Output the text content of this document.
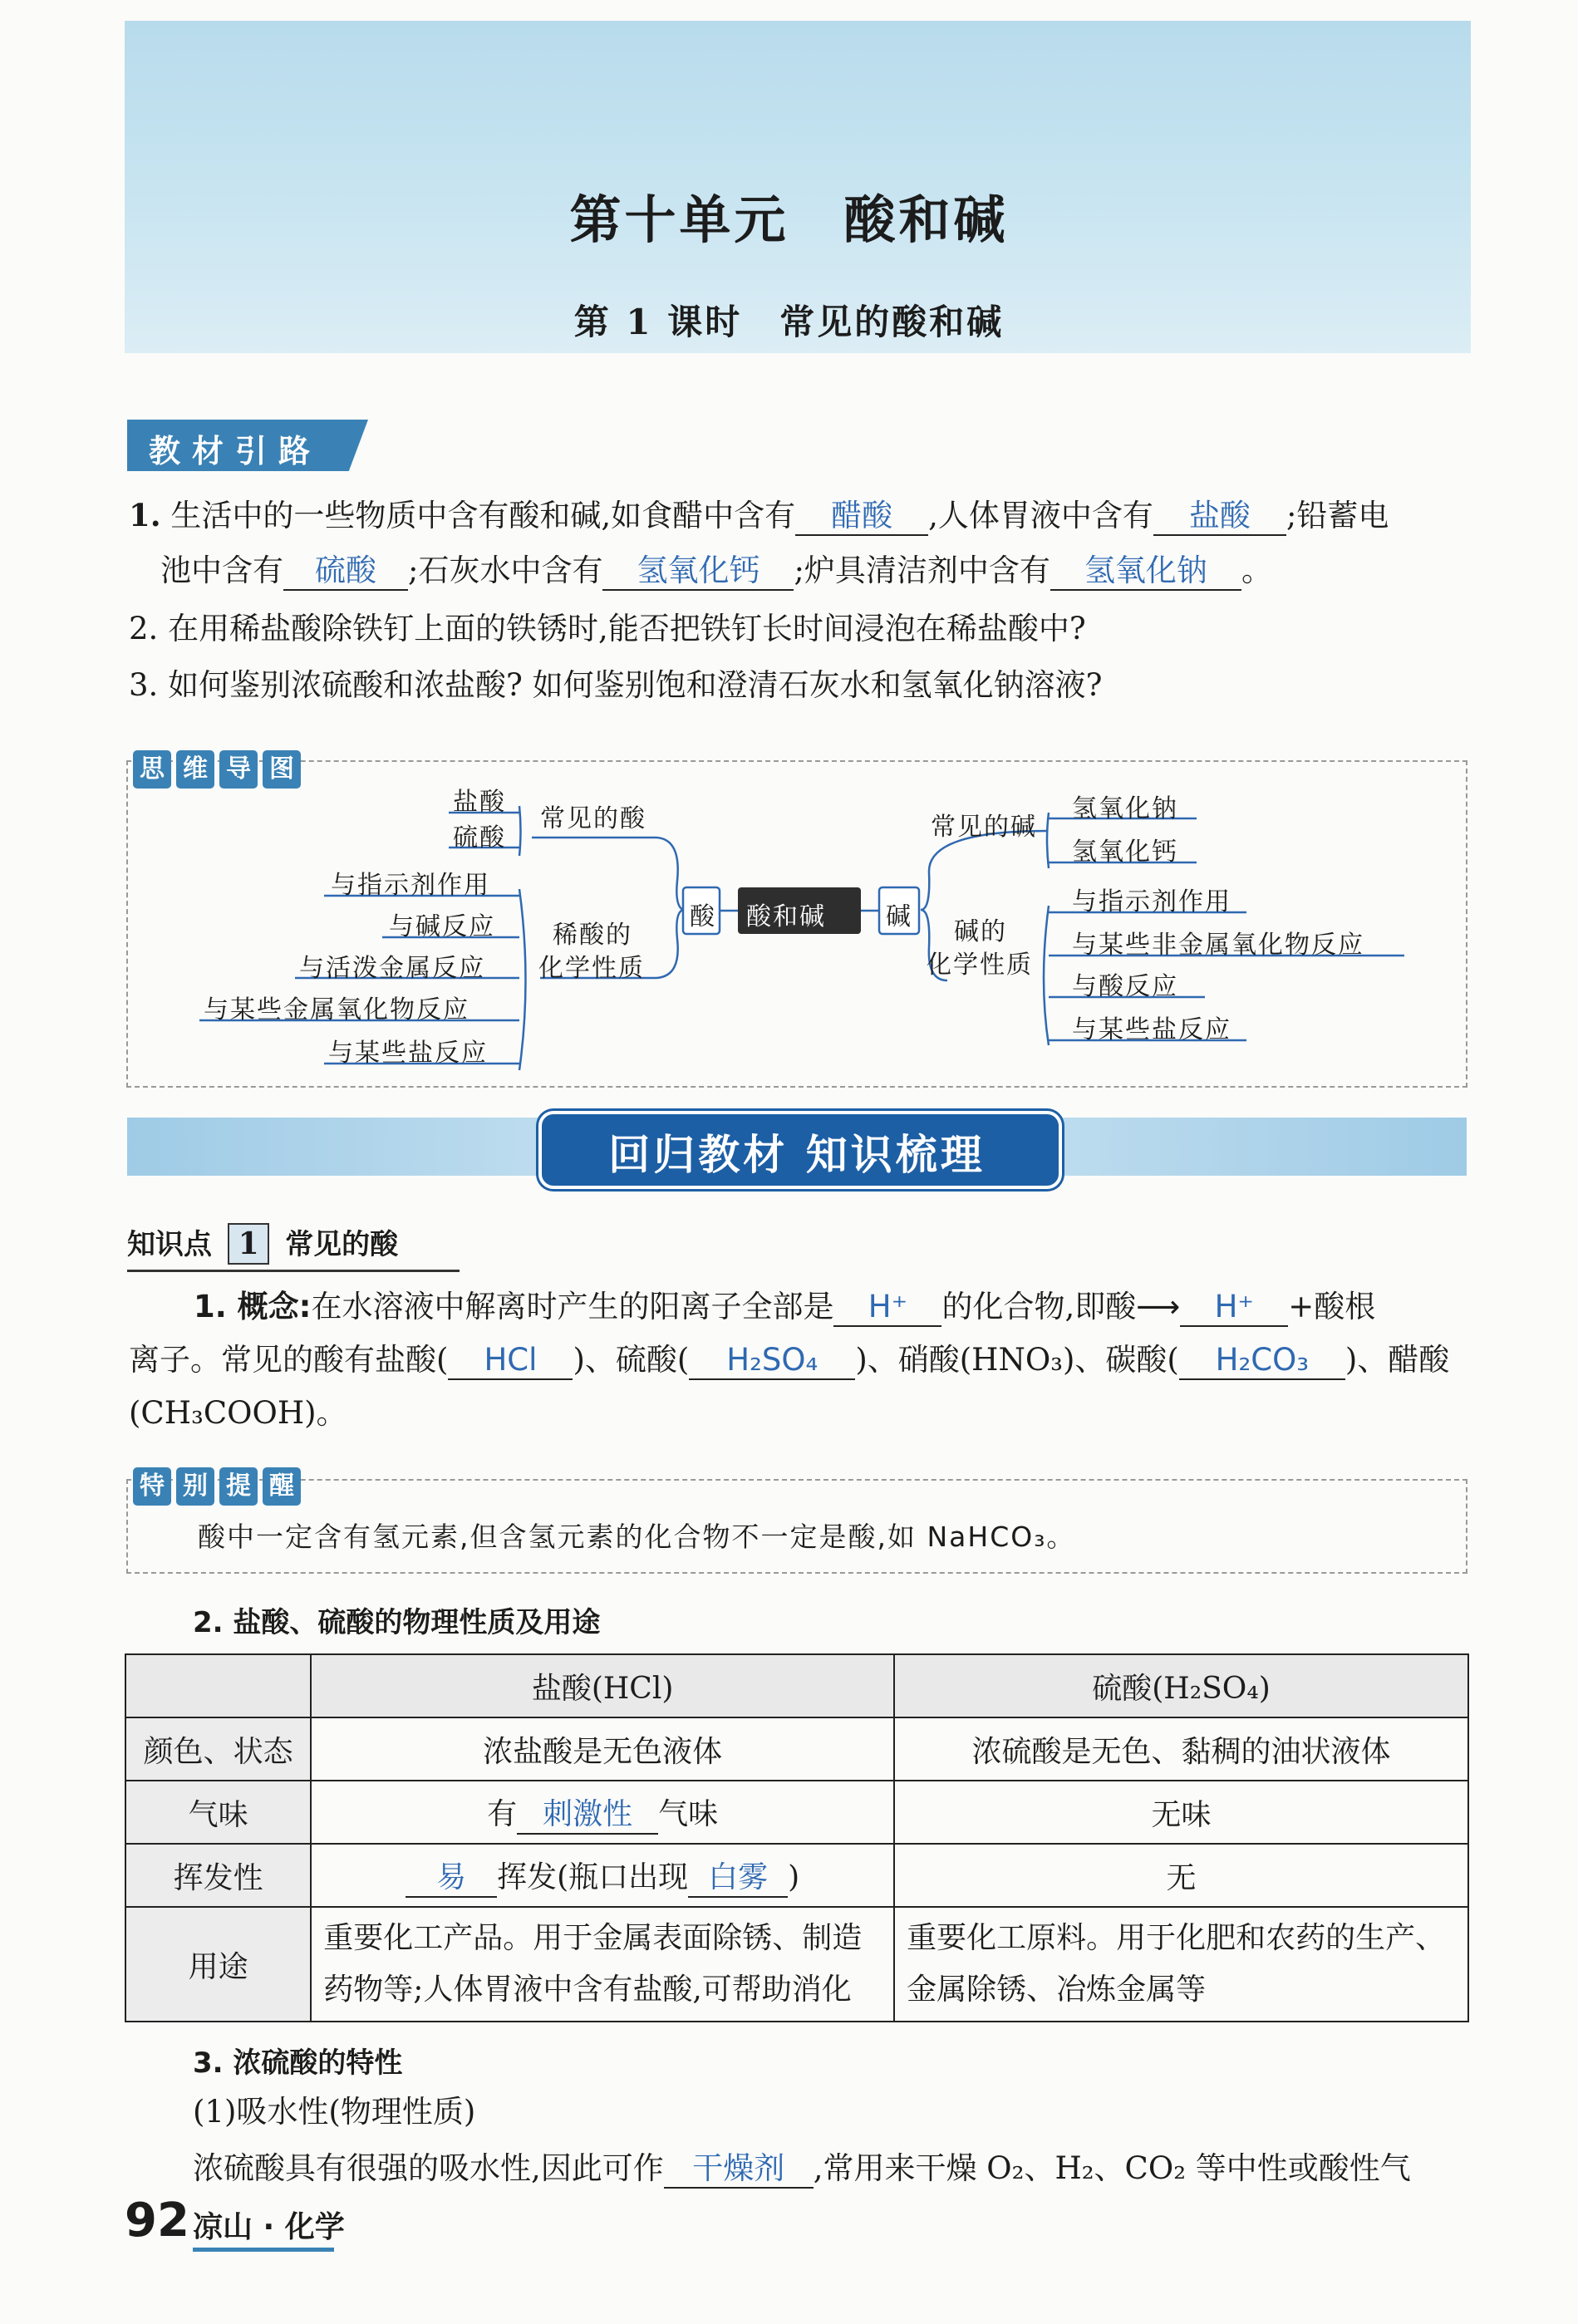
第十单元　酸和碱
第 1 课时　常见的酸和碱
教材引路
1. 生活中的一些物质中含有酸和碱,如食醋中含有 醋酸 ,人体胃液中含有 盐酸 ;铅蓄电
池中含有 硫酸 ;石灰水中含有 氢氧化钙 ;炉具清洁剂中含有 氢氧化钠 。
2. 在用稀盐酸除铁钉上面的铁锈时,能否把铁钉长时间浸泡在稀盐酸中?
3. 如何鉴别浓硫酸和浓盐酸? 如何鉴别饱和澄清石灰水和氢氧化钠溶液?
思 维 导 图
酸 酸和碱 碱
盐酸
硫酸
常见的酸
与指示剂作用
与碱反应
与活泼金属反应
与某些金属氧化物反应
与某些盐反应
稀酸的
化学性质
常见的碱
氢氧化钠
氢氧化钙
碱的
化学性质
与指示剂作用
与某些非金属氧化物反应
与酸反应
与某些盐反应
回归教材 知识梳理
知识点 1 常见的酸
1. 概念:在水溶液中解离时产生的阳离子全部是 H⁺ 的化合物,即酸⟶ H⁺ +酸根
离子。常见的酸有盐酸( HCl )、硫酸( H₂SO₄ )、硝酸(HNO₃)、碳酸( H₂CO₃ )、醋酸
(CH₃COOH)。
特 别 提 醒
酸中一定含有氢元素,但含氢元素的化合物不一定是酸,如 NaHCO₃。
2. 盐酸、硫酸的物理性质及用途
	盐酸(HCl)	硫酸(H₂SO₄)
颜色、状态	浓盐酸是无色液体	浓硫酸是无色、黏稠的油状液体
气味	有 刺激性 气味	无味
挥发性	易 挥发(瓶口出现 白雾 )	无
用途	重要化工产品。用于金属表面除锈、制造药物等;人体胃液中含有盐酸,可帮助消化	重要化工原料。用于化肥和农药的生产、金属除锈、冶炼金属等
3. 浓硫酸的特性
(1)吸水性(物理性质)
浓硫酸具有很强的吸水性,因此可作 干燥剂 ,常用来干燥 O₂、H₂、CO₂ 等中性或酸性气
92 凉山 · 化学
